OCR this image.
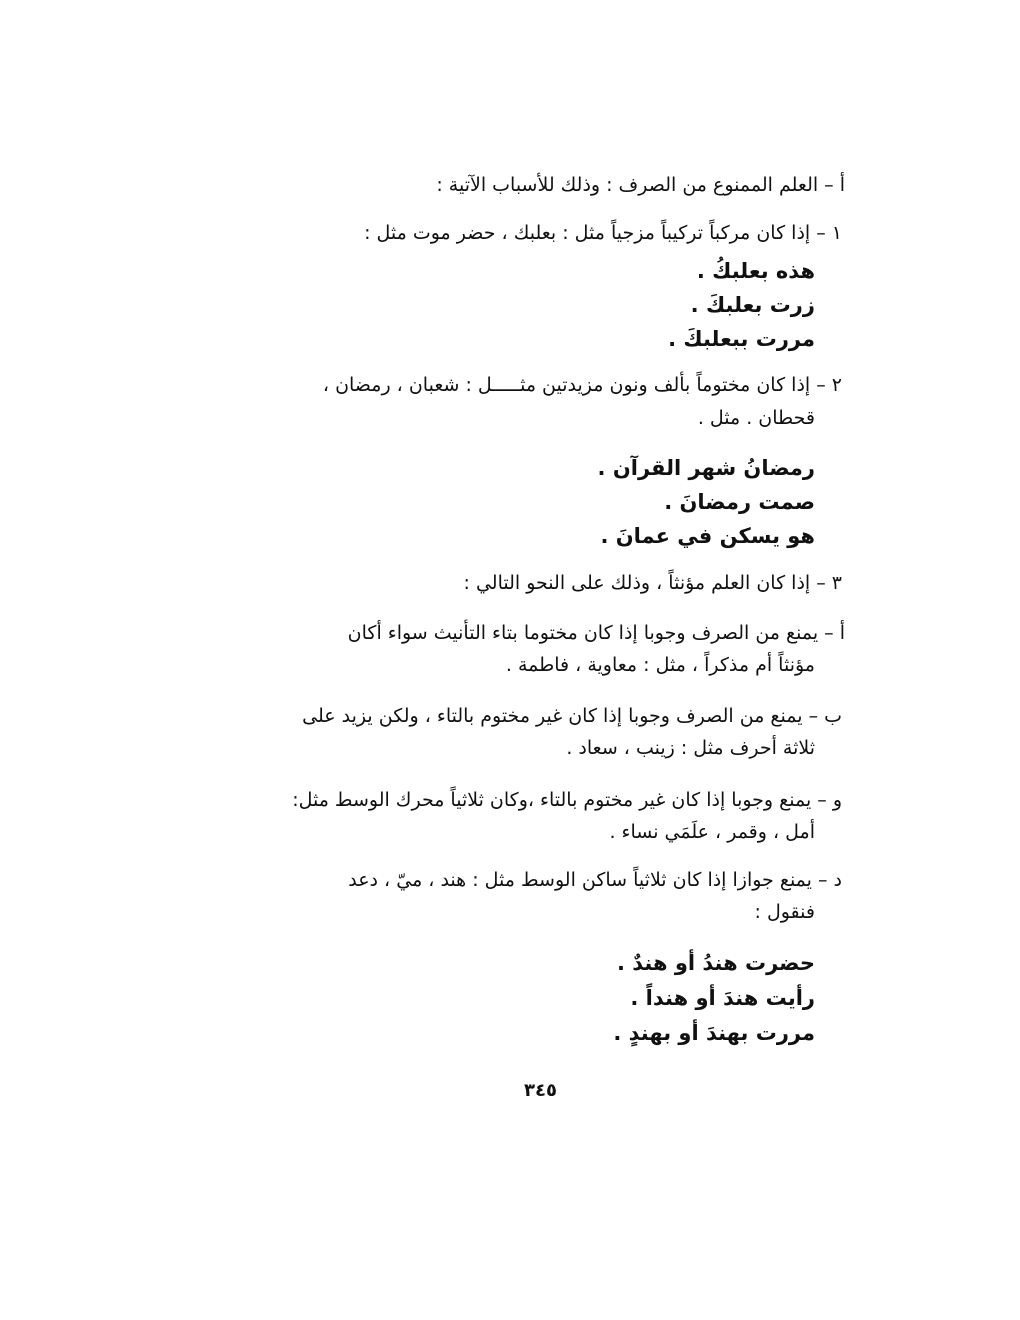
أ – العلم الممنوع من الصرف : وذلك للأسباب الآتية :
١ – إذا كان مركباً تركيباً مزجياً مثل : بعلبك ، حضر موت مثل :
هذه بعلبكُ .
زرت بعلبكَ .
مررت ببعلبكَ .
٢ – إذا كان مختوماً بألف ونون مزيدتين مثـــــل : شعبان ، رمضان ،
قحطان . مثل .
رمضانُ شهر القرآن .
صمت رمضانَ .
هو يسكن في عمانَ .
٣ – إذا كان العلم مؤنثاً ، وذلك على النحو التالي :
أ – يمنع من الصرف وجوبا إذا كان مختوما بتاء التأنيث سواء أكان
مؤنثاً أم مذكراً ، مثل : معاوية ، فاطمة .
ب – يمنع من الصرف وجوبا إذا كان غير مختوم بالتاء ، ولكن يزيد على
ثلاثة أحرف مثل : زينب ، سعاد .
و – يمنع وجوبا إذا كان غير مختوم بالتاء ،وكان ثلاثياً محرك الوسط مثل:
أمل ، وقمر ، علَمَي نساء .
د – يمنع جوازا إذا كان ثلاثياً ساكن الوسط مثل : هند ، ميّ ، دعد
فنقول :
حضرت هندُ أو هندٌ .
رأيت هندَ أو هنداً .
مررت بهندَ أو بهندٍ .
٣٤٥
